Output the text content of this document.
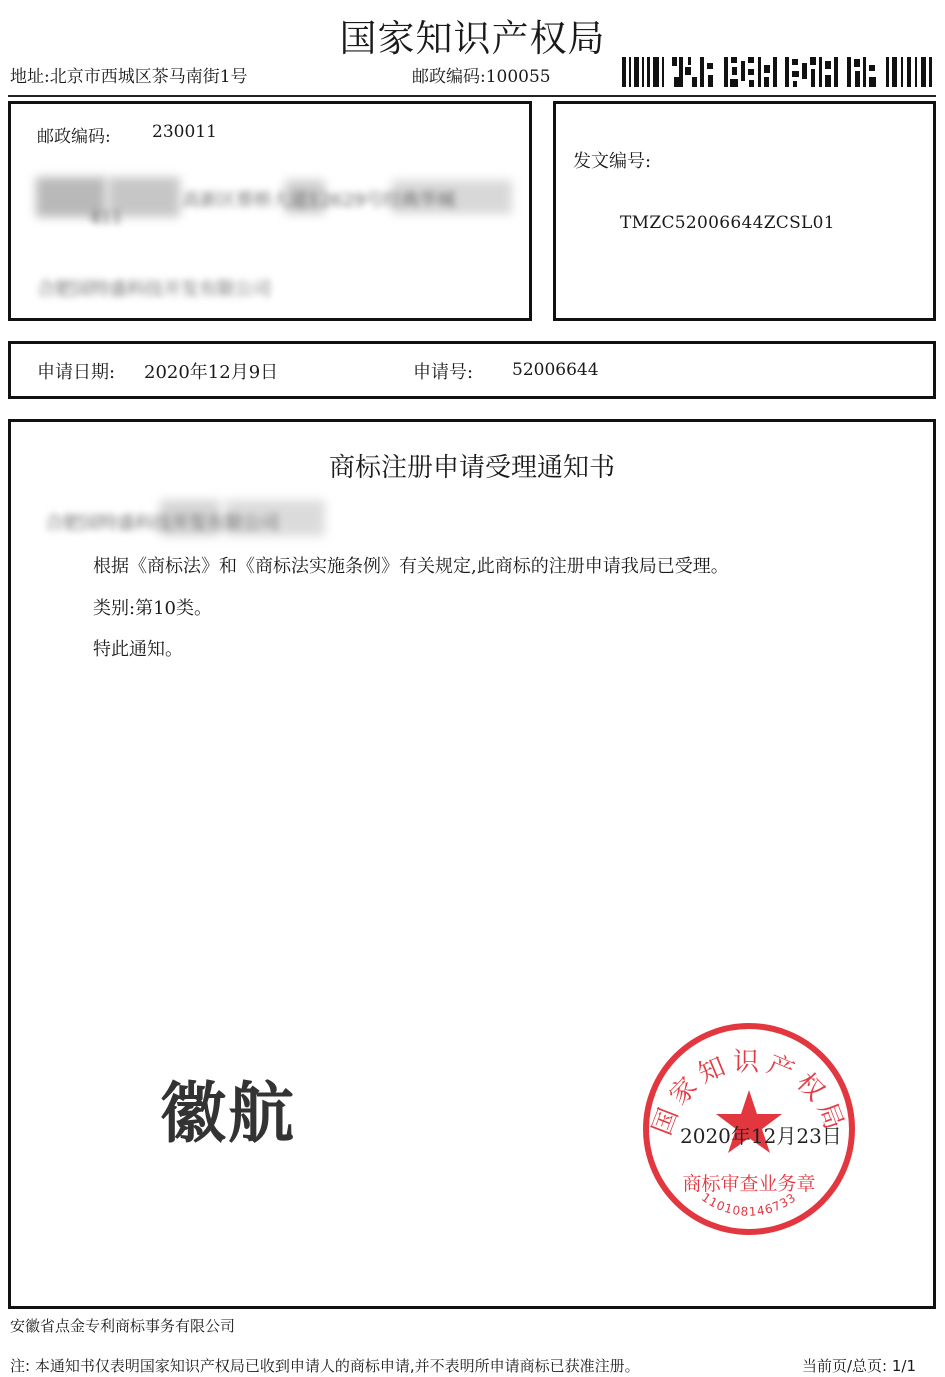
国家知识产权局
地址:北京市西城区茶马南街1号	邮政编码:100055
邮政编码: 230011
高新区蔡桥大道12629号经典华城
411
合肥国特盛科技开发有限公司
发文编号:
TMZC52006644ZCSL01
申请日期: 2020年12月9日	申请号: 52006644
商标注册申请受理通知书
合肥国特盛科技开发有限公司
根据《商标法》和《商标法实施条例》有关规定,此商标的注册申请我局已受理。
类别:第10类。
特此通知。
徽航	国家知识产权局
商标审查业务章
110108146733
2020年12月23日
安徽省点金专利商标事务有限公司
注: 本通知书仅表明国家知识产权局已收到申请人的商标申请,并不表明所申请商标已获准注册。	当前页/总页: 1/1
